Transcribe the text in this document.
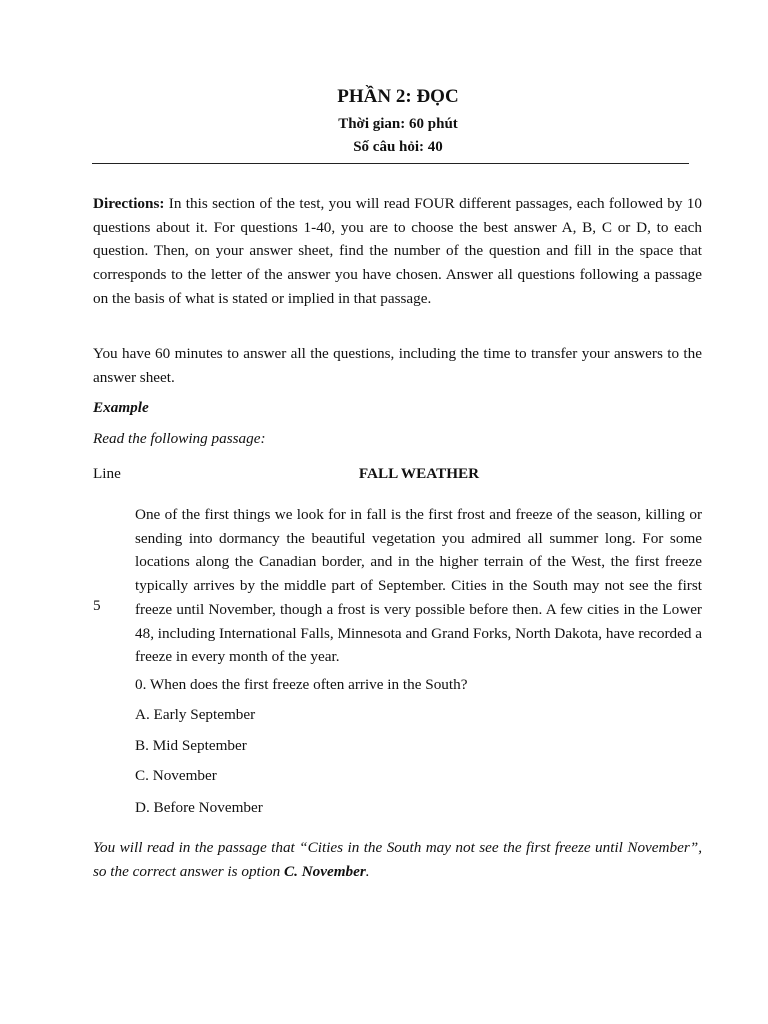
PHẦN 2: ĐỌC
Thời gian: 60 phút
Số câu hỏi: 40

Directions: In this section of the test, you will read FOUR different passages, each followed by 10 questions about it. For questions 1-40, you are to choose the best answer A, B, C or D, to each question. Then, on your answer sheet, find the number of the question and fill in the space that corresponds to the letter of the answer you have chosen. Answer all questions following a passage on the basis of what is stated or implied in that passage.

You have 60 minutes to answer all the questions, including the time to transfer your answers to the answer sheet.

Example

Read the following passage:

Line	FALL WEATHER
5

One of the first things we look for in fall is the first frost and freeze of the season, killing or sending into dormancy the beautiful vegetation you admired all summer long. For some locations along the Canadian border, and in the higher terrain of the West, the first freeze typically arrives by the middle part of September. Cities in the South may not see the first freeze until November, though a frost is very possible before then. A few cities in the Lower 48, including International Falls, Minnesota and Grand Forks, North Dakota, have recorded a freeze in every month of the year.

0. When does the first freeze often arrive in the South?

A. Early September

B. Mid September

C. November

D. Before November

You will read in the passage that “Cities in the South may not see the first freeze until November”, so the correct answer is option C. November.
